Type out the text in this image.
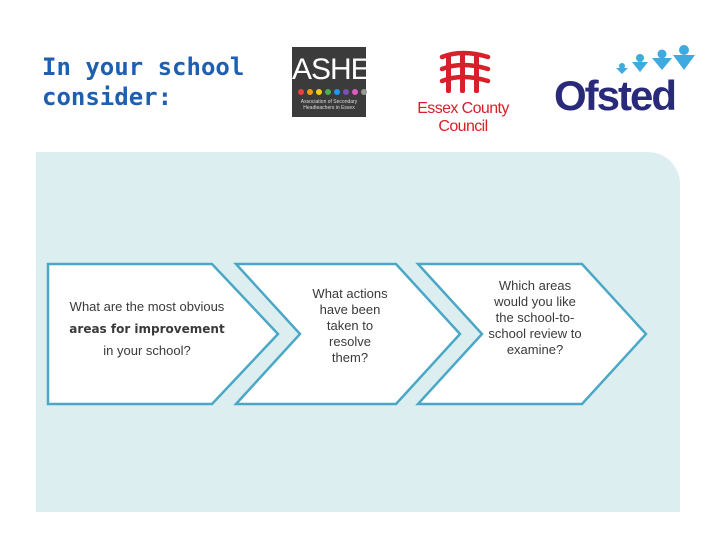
In your school consider:
ASHE
Association of Secondary Headteachers in Essex	Essex County Council
Ofsted
What are the most obvious
areas for improvement
in your school?
What actions have been taken to resolve them?
Which areas would you like the school-to-school review to examine?
